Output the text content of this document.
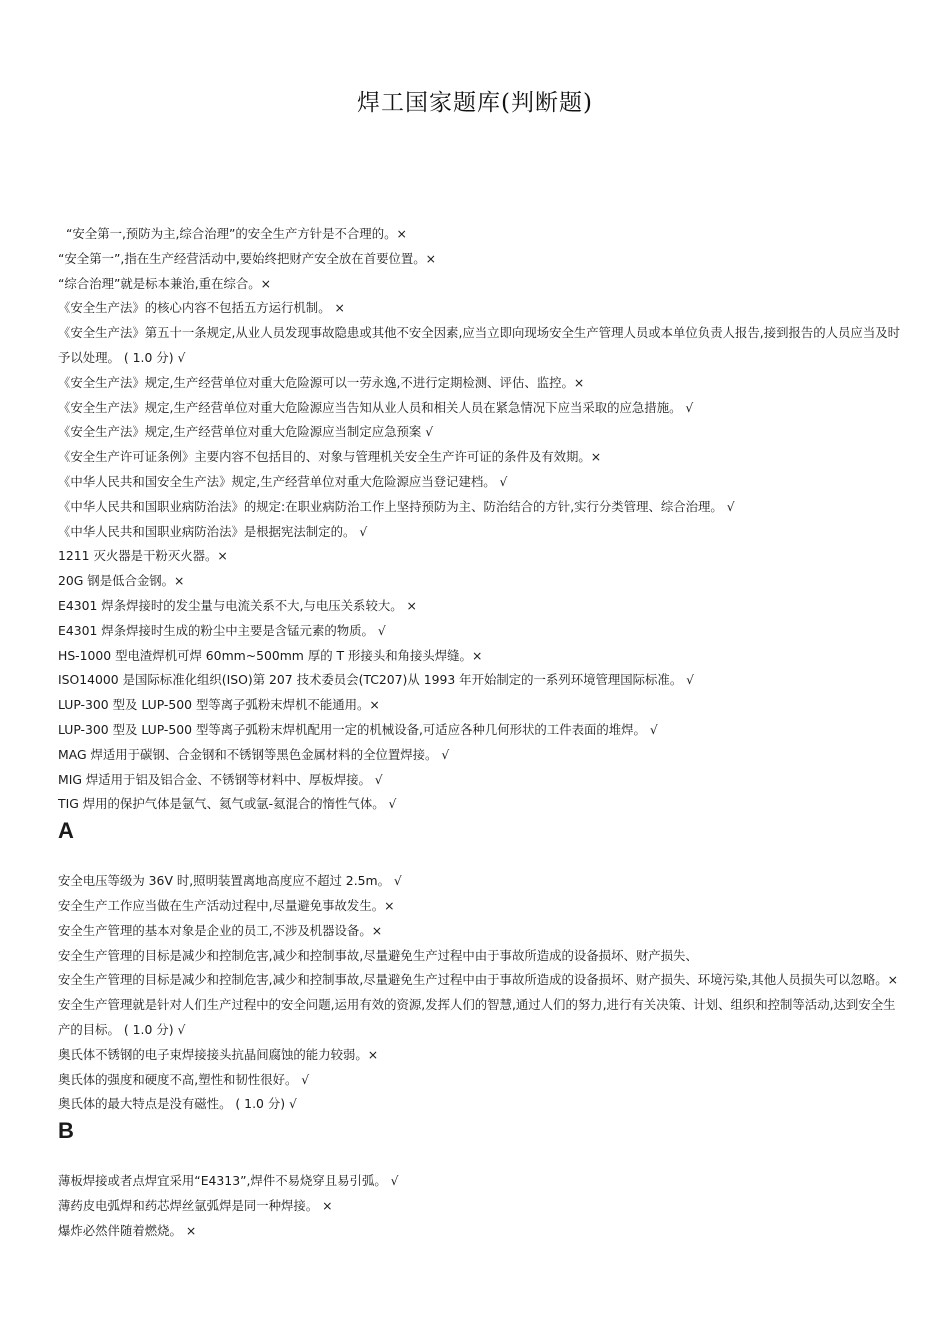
焊工国家题库(判断题)

“安全第一,预防为主,综合治理”的安全生产方针是不合理的。×

“安全第一”,指在生产经营活动中,要始终把财产安全放在首要位置。×

“综合治理”就是标本兼治,重在综合。×

《安全生产法》的核心内容不包括五方运行机制。 ×

《安全生产法》第五十一条规定,从业人员发现事故隐患或其他不安全因素,应当立即向现场安全生产管理人员或本单位负责人报告,接到报告的人员应当及时予以处理。 ( 1.0 分) √

《安全生产法》规定,生产经营单位对重大危险源可以一劳永逸,不进行定期检测、评估、监控。×

《安全生产法》规定,生产经营单位对重大危险源应当告知从业人员和相关人员在紧急情况下应当采取的应急措施。 √

《安全生产法》规定,生产经营单位对重大危险源应当制定应急预案 √

《安全生产许可证条例》主要内容不包括目的、对象与管理机关安全生产许可证的条件及有效期。×

《中华人民共和国安全生产法》规定,生产经营单位对重大危险源应当登记建档。 √

《中华人民共和国职业病防治法》的规定:在职业病防治工作上坚持预防为主、防治结合的方针,实行分类管理、综合治理。 √

《中华人民共和国职业病防治法》是根据宪法制定的。 √

1211 灭火器是干粉灭火器。×

20G 钢是低合金钢。×

E4301 焊条焊接时的发尘量与电流关系不大,与电压关系较大。 ×

E4301 焊条焊接时生成的粉尘中主要是含锰元素的物质。 √

HS-1000 型电渣焊机可焊 60mm~500mm 厚的 T 形接头和角接头焊缝。×

ISO14000 是国际标准化组织(ISO)第 207 技术委员会(TC207)从 1993 年开始制定的一系列环境管理国际标准。 √

LUP-300 型及 LUP-500 型等离子弧粉末焊机不能通用。×

LUP-300 型及 LUP-500 型等离子弧粉末焊机配用一定的机械设备,可适应各种几何形状的工件表面的堆焊。 √

MAG 焊适用于碳钢、合金钢和不锈钢等黑色金属材料的全位置焊接。 √

MIG 焊适用于铝及铝合金、不锈钢等材料中、厚板焊接。 √

TIG 焊用的保护气体是氩气、氦气或氩-氦混合的惰性气体。 √

A

安全电压等级为 36V 时,照明装置离地高度应不超过 2.5m。 √

安全生产工作应当做在生产活动过程中,尽量避免事故发生。×

安全生产管理的基本对象是企业的员工,不涉及机器设备。×

安全生产管理的目标是减少和控制危害,减少和控制事故,尽量避免生产过程中由于事故所造成的设备损坏、财产损失、

安全生产管理的目标是减少和控制危害,减少和控制事故,尽量避免生产过程中由于事故所造成的设备损坏、财产损失、环境污染,其他人员损失可以忽略。×

安全生产管理就是针对人们生产过程中的安全问题,运用有效的资源,发挥人们的智慧,通过人们的努力,进行有关决策、计划、组织和控制等活动,达到安全生产的目标。 ( 1.0 分) √

奥氏体不锈钢的电子束焊接接头抗晶间腐蚀的能力较弱。×

奥氏体的强度和硬度不高,塑性和韧性很好。 √

奥氏体的最大特点是没有磁性。 ( 1.0 分) √

B

薄板焊接或者点焊宜采用“E4313”,焊件不易烧穿且易引弧。 √

薄药皮电弧焊和药芯焊丝氩弧焊是同一种焊接。 ×

爆炸必然伴随着燃烧。 ×
